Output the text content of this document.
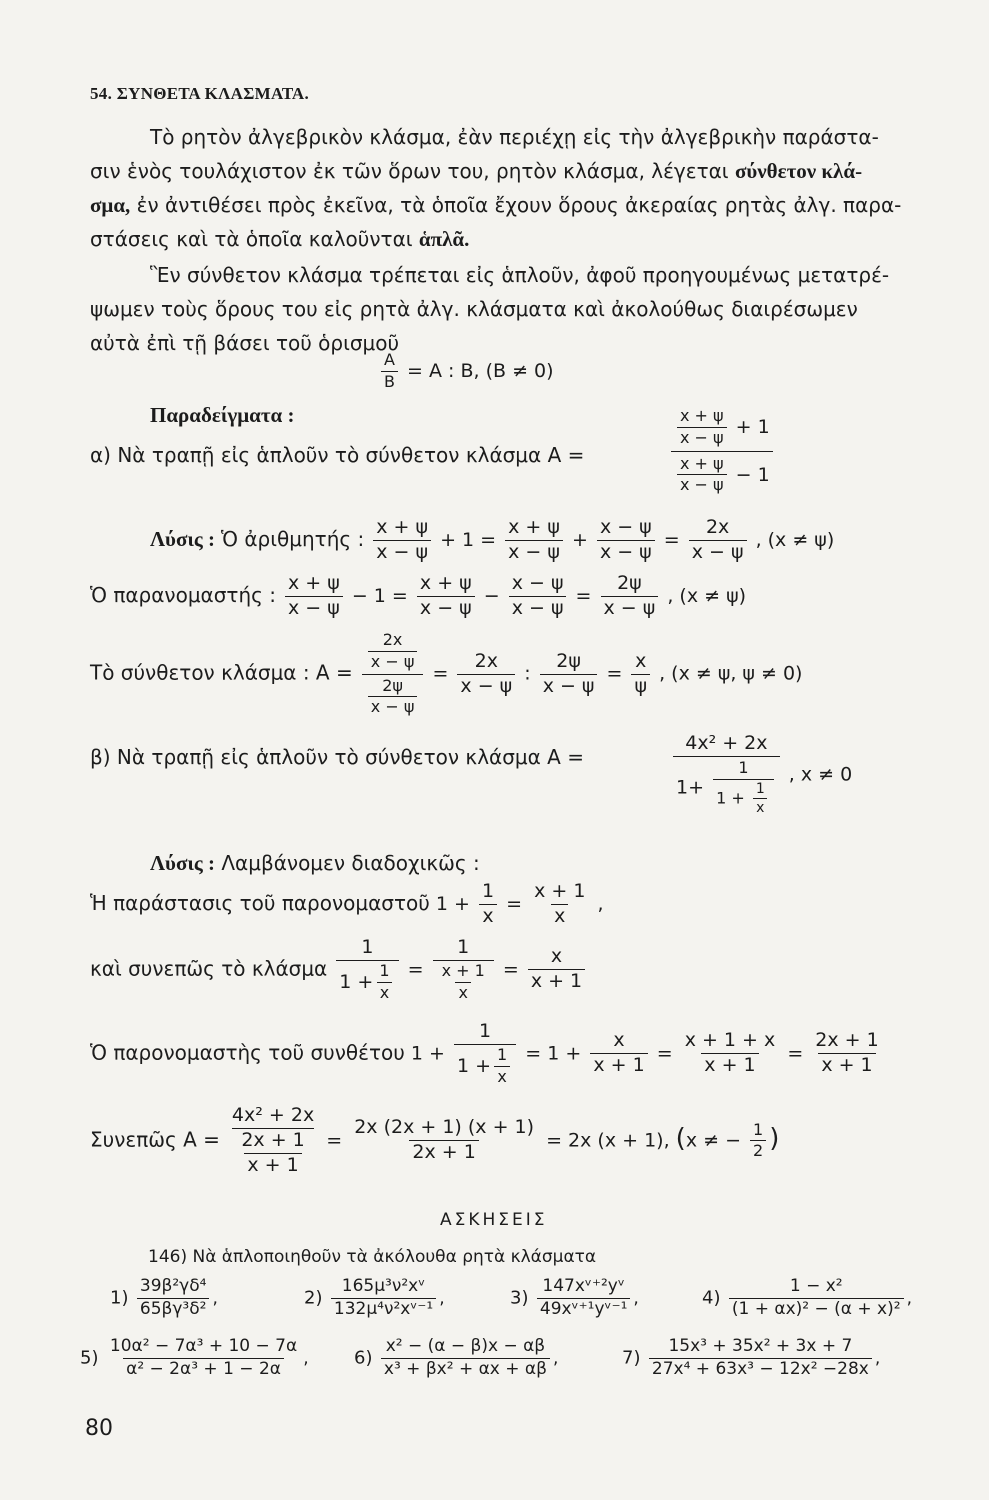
54. ΣΥΝΘΕΤΑ ΚΛΑΣΜΑΤΑ.
Τὸ ρητὸν ἀλγεβρικὸν κλάσμα, ἐὰν περιέχῃ εἰς τὴν ἀλγεβρικὴν παράστα-
σιν ἑνὸς τουλάχιστον ἐκ τῶν ὅρων του, ρητὸν κλάσμα, λέγεται σύνθετον κλά-
σμα, ἐν ἀντιθέσει πρὸς ἐκεῖνα, τὰ ὁποῖα ἔχουν ὅρους ἀκεραίας ρητὰς ἀλγ. παρα-
στάσεις καὶ τὰ ὁποῖα καλοῦνται ἁπλᾶ.
Ἓν σύνθετον κλάσμα τρέπεται εἰς ἁπλοῦν, ἀφοῦ προηγουμένως μετατρέ-
ψωμεν τοὺς ὅρους του εἰς ρητὰ ἀλγ. κλάσματα καὶ ἀκολούθως διαιρέσωμεν
αὐτὰ ἐπὶ τῇ βάσει τοῦ ὁρισμοῦ
$\frac{A}{B} = A$ : B, (B ≠ 0)
Παραδείγματα :
α) Νὰ τραπῇ εἰς ἁπλοῦν τὸ σύνθετον κλάσμα A =	$\frac{\frac{x + \psi}{x - \psi} + 1}{\frac{x + \psi}{x - \psi} - 1}$
Λύσις : Ὁ ἀριθμητής : $\frac{x + \psi}{x - \psi} + 1 = \frac{x + \psi}{x - \psi} + \frac{x - \psi}{x - \psi} = \frac{2x}{x - \psi}$ , (x ≠ ψ)
Ὁ παρανομαστής : $\frac{x + \psi}{x - \psi} - 1 = \frac{x + \psi}{x - \psi} - \frac{x - \psi}{x - \psi} = \frac{2\psi}{x - \psi}$ , (x ≠ ψ)
Τὸ σύνθετον κλάσμα : $A = \frac{\frac{2x}{x - \psi}}{\frac{2\psi}{x - \psi}} = \frac{2x}{x - \psi}$ : $\frac{2\psi}{x - \psi} = \frac{x}{\psi}$ , (x ≠ ψ, ψ ≠ 0)
β) Νὰ τραπῇ εἰς ἁπλοῦν τὸ σύνθετον κλάσμα A =	$\frac{\text{4x² + 2x}}{1+ \frac{1}{1 + \frac{1}{x}}}$ , x ≠ 0
Λύσις : Λαμβάνομεν διαδοχικῶς :
Ἡ παράστασις τοῦ παρονομαστοῦ $1 + \frac{1}{x} = \frac{x + 1}{x}$ ,
καὶ συνεπῶς τὸ κλάσμα $\frac{1}{1 + \frac{1}{x}} = \frac{1}{\frac{x + 1}{x}} = \frac{x}{x + 1}$
Ὁ παρονομαστὴς τοῦ συνθέτου $1 + \frac{1}{1 + \frac{1}{x}} = 1 + \frac{x}{x + 1} = \frac{x + 1 + x}{x + 1} = \frac{2x + 1}{x + 1}$
Συνεπῶς $A = \frac{\text{4x² + 2x}}{\frac{2x + 1}{x + 1}} = \frac{2x (2x + 1) (x + 1)}{2x + 1} = 2x$ (x + 1), (x ≠ − $\frac{1}{2}$ )
ΑΣΚΗΣΕΙΣ
146) Νὰ ἁπλοποιηθοῦν τὰ ἀκόλουθα ρητὰ κλάσματα
$1) \frac{\text{39β²γδ⁴}}{\text{65βγ³δ²}}$ ,	$2) \frac{\text{165μ³ν²xᵛ}}{\text{132μ⁴ν²xᵛ⁻¹}}$ ,	$3) \frac{\text{147xᵛ⁺²yᵛ}}{\text{49xᵛ⁺¹yᵛ⁻¹}}$ ,	$4) \frac{\text{1 − x²}}{\text{(1 + αx)² − (α + x)²}}$ ,
$5) \frac{\text{10α² − 7α³ + 10 − 7α}}{\text{α² − 2α³ + 1 − 2α}}$ ,	$6) \frac{\text{x² − (α − β)x − αβ}}{\text{x³ + βx² + αx + αβ}}$ ,	$7) \frac{\text{15x³ + 35x² + 3x + 7}}{\text{27x⁴ + 63x³ − 12x² −28x}}$ ,
80
